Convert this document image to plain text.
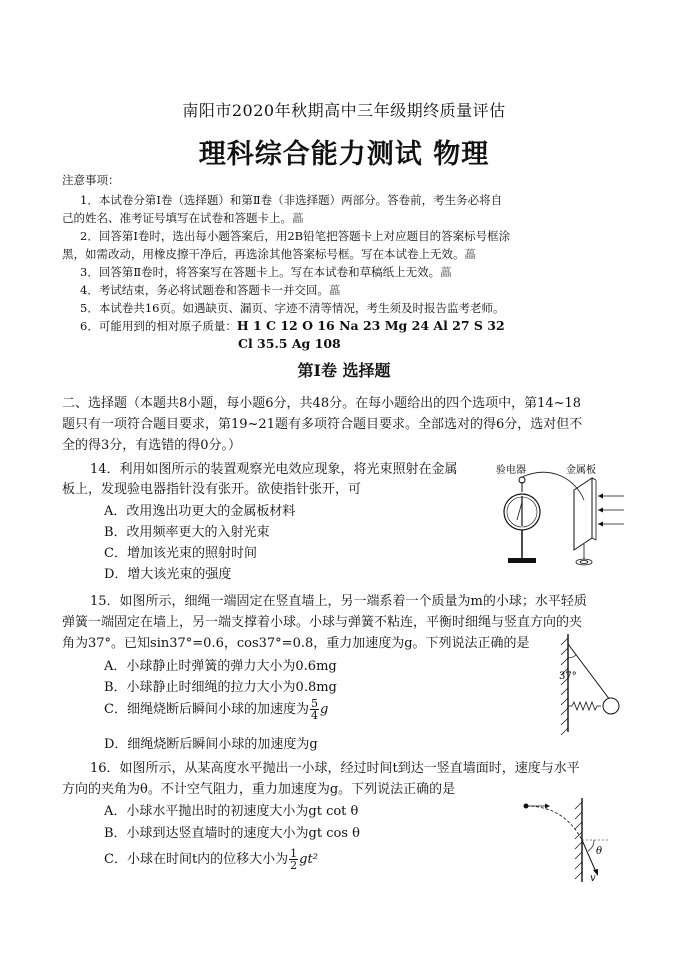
南阳市2020年秋期高中三年级期终质量评估
理科综合能力测试 物理
注意事项：
1．本试卷分第Ⅰ卷（选择题）和第Ⅱ卷（非选择题）两部分。答卷前，考生务必将自
己的姓名、准考证号填写在试卷和答题卡上。藟
2．回答第Ⅰ卷时，选出每小题答案后，用2B铅笔把答题卡上对应题目的答案标号框涂
黑，如需改动，用橡皮擦干净后，再选涂其他答案标号框。写在本试卷上无效。藟
3．回答第Ⅱ卷时，将答案写在答题卡上。写在本试卷和草稿纸上无效。藟
4．考试结束，务必将试题卷和答题卡一并交回。藟
5．本试卷共16页。如遇缺页、漏页、字迹不清等情况，考生须及时报告监考老师。
6．可能用到的相对原子质量：H 1 C 12 O 16 Na 23 Mg 24 Al 27 S 32
Cl 35.5 Ag 108
第Ⅰ卷 选择题
二、选择题（本题共8小题，每小题6分，共48分。在每小题给出的四个选项中，第14~18
题只有一项符合题目要求，第19~21题有多项符合题目要求。全部选对的得6分，选对但不
全的得3分，有选错的得0分。）
14．利用如图所示的装置观察光电效应现象，将光束照射在金属
板上，发现验电器指针没有张开。欲使指针张开，可
A．改用逸出功更大的金属板材料
B．改用频率更大的入射光束
C．增加该光束的照射时间
D．增大该光束的强度
验电器	金属板
15．如图所示，细绳一端固定在竖直墙上，另一端系着一个质量为m的小球；水平轻质
弹簧一端固定在墙上，另一端支撑着小球。小球与弹簧不粘连，平衡时细绳与竖直方向的夹
角为37°。已知sin37°=0.6，cos37°=0.8，重力加速度为g。下列说法正确的是
A．小球静止时弹簧的弹力大小为0.6mg
B．小球静止时细绳的拉力大小为0.8mg
C．细绳烧断后瞬间小球的加速度为 $\frac{5}{4}$ g
D．细绳烧断后瞬间小球的加速度为g
37°
16．如图所示，从某高度水平抛出一小球，经过时间t到达一竖直墙面时，速度与水平
方向的夹角为θ。不计空气阻力，重力加速度为g。下列说法正确的是
A．小球水平抛出时的初速度大小为gt cot θ
B．小球到达竖直墙时的速度大小为gt cos θ
C．小球在时间t内的位移大小为 $\frac{1}{2} gt^2$
θ
v
